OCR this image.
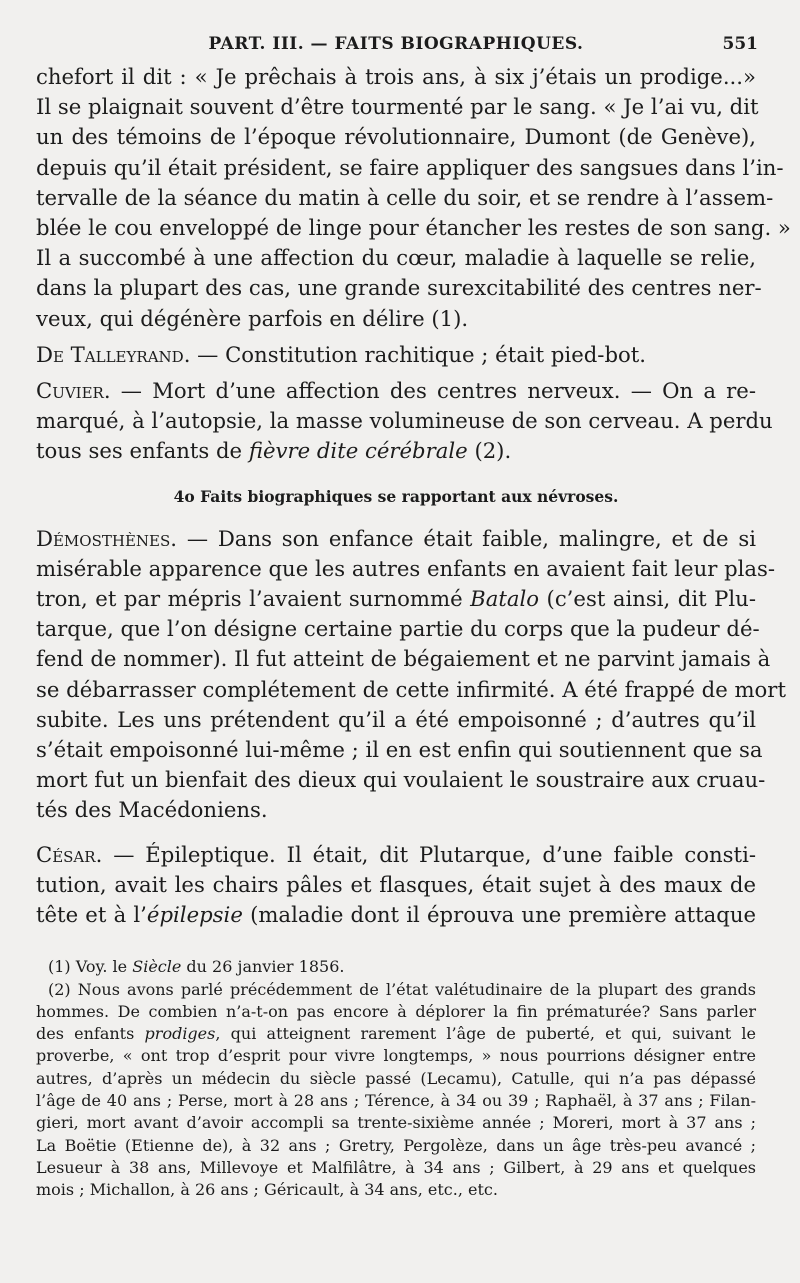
PART. III. — FAITS BIOGRAPHIQUES.	551
chefort il dit : « Je prêchais à trois ans, à six j’étais un prodige...»
Il se plaignait souvent d’être tourmenté par le sang. « Je l’ai vu, dit
un des témoins de l’époque révolutionnaire, Dumont (de Genève),
depuis qu’il était président, se faire appliquer des sangsues dans l’in-
tervalle de la séance du matin à celle du soir, et se rendre à l’assem-
blée le cou enveloppé de linge pour étancher les restes de son sang. »
Il a succombé à une affection du cœur, maladie à laquelle se relie,
dans la plupart des cas, une grande surexcitabilité des centres ner-
veux, qui dégénère parfois en délire (1).
De Talleyrand. — Constitution rachitique ; était pied-bot.
Cuvier. — Mort d’une affection des centres nerveux. — On a re-
marqué, à l’autopsie, la masse volumineuse de son cerveau. A perdu
tous ses enfants de fièvre dite cérébrale (2).
4o Faits biographiques se rapportant aux névroses.
Démosthènes. — Dans son enfance était faible, malingre, et de si
misérable apparence que les autres enfants en avaient fait leur plas-
tron, et par mépris l’avaient surnommé Batalo (c’est ainsi, dit Plu-
tarque, que l’on désigne certaine partie du corps que la pudeur dé-
fend de nommer). Il fut atteint de bégaiement et ne parvint jamais à
se débarrasser complétement de cette infirmité. A été frappé de mort
subite. Les uns prétendent qu’il a été empoisonné ; d’autres qu’il
s’était empoisonné lui-même ; il en est enfin qui soutiennent que sa
mort fut un bienfait des dieux qui voulaient le soustraire aux cruau-
tés des Macédoniens.
César. — Épileptique. Il était, dit Plutarque, d’une faible consti-
tution, avait les chairs pâles et flasques, était sujet à des maux de
tête et à l’épilepsie (maladie dont il éprouva une première attaque
(1) Voy. le Siècle du 26 janvier 1856.
(2) Nous avons parlé précédemment de l’état valétudinaire de la plupart des grands
hommes. De combien n’a-t-on pas encore à déplorer la fin prématurée? Sans parler
des enfants prodiges, qui atteignent rarement l’âge de puberté, et qui, suivant le
proverbe, « ont trop d’esprit pour vivre longtemps, » nous pourrions désigner entre
autres, d’après un médecin du siècle passé (Lecamu), Catulle, qui n’a pas dépassé
l’âge de 40 ans ; Perse, mort à 28 ans ; Térence, à 34 ou 39 ; Raphaël, à 37 ans ; Filan-
gieri, mort avant d’avoir accompli sa trente-sixième année ; Moreri, mort à 37 ans ;
La Boëtie (Etienne de), à 32 ans ; Gretry, Pergolèze, dans un âge très-peu avancé ;
Lesueur à 38 ans, Millevoye et Malfilâtre, à 34 ans ; Gilbert, à 29 ans et quelques
mois ; Michallon, à 26 ans ; Géricault, à 34 ans, etc., etc.
